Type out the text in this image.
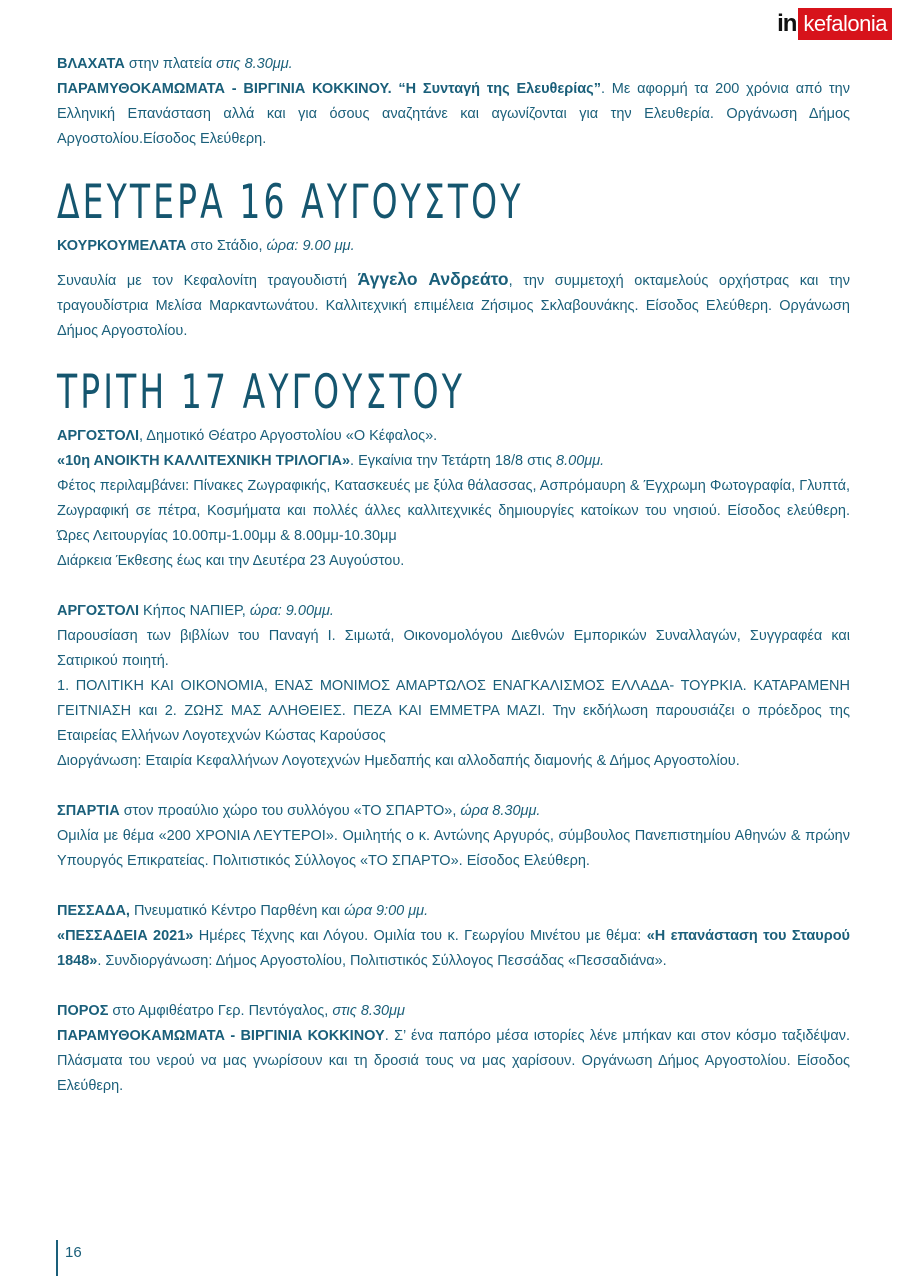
in kefalonia

ΒΛΑΧΑΤΑ στην πλατεία στις 8.30μμ.

ΠΑΡΑΜΥΘΟΚΑΜΩΜΑΤΑ - ΒΙΡΓΙΝΙΑ ΚΟΚΚΙΝΟΥ. “Η Συνταγή της Ελευθερίας”. Με αφορμή τα 200 χρόνια από την Ελληνική Επανάσταση αλλά και για όσους αναζητάνε και αγωνίζονται για την Ελευθερία. Οργάνωση Δήμος Αργοστολίου.Είσοδος Ελεύθερη.

ΔΕΥΤΕΡΑ 16 ΑΥΓΟΥΣΤΟΥ

ΚΟΥΡΚΟΥΜΕΛΑΤΑ στο Στάδιο, ώρα: 9.00 μμ.

Συναυλία με τον Κεφαλονίτη τραγουδιστή Άγγελο Ανδρεάτο, την συμμετοχή οκταμελούς ορχήστρας και την τραγουδίστρια Μελίσα Μαρκαντωνάτου. Καλλιτεχνική επιμέλεια Ζήσιμος Σκλαβουνάκης. Είσοδος Ελεύθερη. Οργάνωση Δήμος Αργοστολίου.

ΤΡΙΤΗ 17 ΑΥΓΟΥΣΤΟΥ

ΑΡΓΟΣΤΟΛΙ, Δημοτικό Θέατρο Αργοστολίου «Ο Κέφαλος».

«10η ΑΝΟΙΚΤΗ ΚΑΛΛΙΤΕΧΝΙΚΗ ΤΡΙΛΟΓΙΑ». Εγκαίνια την Τετάρτη 18/8 στις 8.00μμ.

Φέτος περιλαμβάνει: Πίνακες Ζωγραφικής, Κατασκευές με ξύλα θάλασσας, Ασπρόμαυρη & Έγχρωμη Φωτογραφία, Γλυπτά, Ζωγραφική σε πέτρα, Κοσμήματα και πολλές άλλες καλλιτεχνικές δημιουργίες κατοίκων του νησιού. Είσοδος ελεύθερη. Ώρες Λειτουργίας 10.00πμ-1.00μμ & 8.00μμ-10.30μμ

Διάρκεια Έκθεσης έως και την Δευτέρα 23 Αυγούστου.

ΑΡΓΟΣΤΟΛΙ Κήπος ΝΑΠΙΕΡ, ώρα: 9.00μμ.

Παρουσίαση των βιβλίων του Παναγή Ι. Σιμωτά, Οικονομολόγου Διεθνών Εμπορικών Συναλλαγών, Συγγραφέα και Σατιρικού ποιητή.

1. ΠΟΛΙΤΙΚΗ ΚΑΙ ΟΙΚΟΝΟΜΙΑ, ΕΝΑΣ ΜΟΝΙΜΟΣ ΑΜΑΡΤΩΛΟΣ ΕΝΑΓΚΑΛΙΣΜΟΣ ΕΛΛΑΔΑ- ΤΟΥΡΚΙΑ. ΚΑΤΑΡΑΜΕΝΗ ΓΕΙΤΝΙΑΣΗ και 2. ΖΩΗΣ ΜΑΣ ΑΛΗΘΕΙΕΣ. ΠΕΖΑ ΚΑΙ ΕΜΜΕΤΡΑ ΜΑΖΙ. Την εκδήλωση παρουσιάζει ο πρόεδρος της Εταιρείας Ελλήνων Λογοτεχνών Κώστας Καρούσος

Διοργάνωση: Εταιρία Κεφαλλήνων Λογοτεχνών Ημεδαπής και αλλοδαπής διαμονής & Δήμος Αργοστολίου.

ΣΠΑΡΤΙΑ στον προαύλιο χώρο του συλλόγου «ΤΟ ΣΠΑΡΤΟ», ώρα 8.30μμ.

Ομιλία με θέμα «200 ΧΡΟΝΙΑ ΛΕΥΤΕΡΟΙ». Ομιλητής ο κ. Αντώνης Αργυρός, σύμβουλος Πανεπιστημίου Αθηνών & πρώην Υπουργός Επικρατείας. Πολιτιστικός Σύλλογος «ΤΟ ΣΠΑΡΤΟ». Είσοδος Ελεύθερη.

ΠΕΣΣΑΔΑ, Πνευματικό Κέντρο Παρθένη και ώρα 9:00 μμ.

«ΠΕΣΣΑΔΕΙΑ 2021» Ημέρες Τέχνης και Λόγου. Ομιλία του κ. Γεωργίου Μινέτου με θέμα: «Η επανάσταση του Σταυρού 1848». Συνδιοργάνωση: Δήμος Αργοστολίου, Πολιτιστικός Σύλλογος Πεσσάδας «Πεσσαδιάνα».

ΠΟΡΟΣ στο Αμφιθέατρο Γερ. Πεντόγαλος, στις 8.30μμ

ΠΑΡΑΜΥΘΟΚΑΜΩΜΑΤΑ - ΒΙΡΓΙΝΙΑ ΚΟΚΚΙΝΟΥ. Σ’ ένα παπόρο μέσα ιστορίες λένε μπήκαν και στον κόσμο ταξιδέψαν. Πλάσματα του νερού να μας γνωρίσουν και τη δροσιά τους να μας χαρίσουν. Οργάνωση Δήμος Αργοστολίου. Είσοδος Ελεύθερη.

16
